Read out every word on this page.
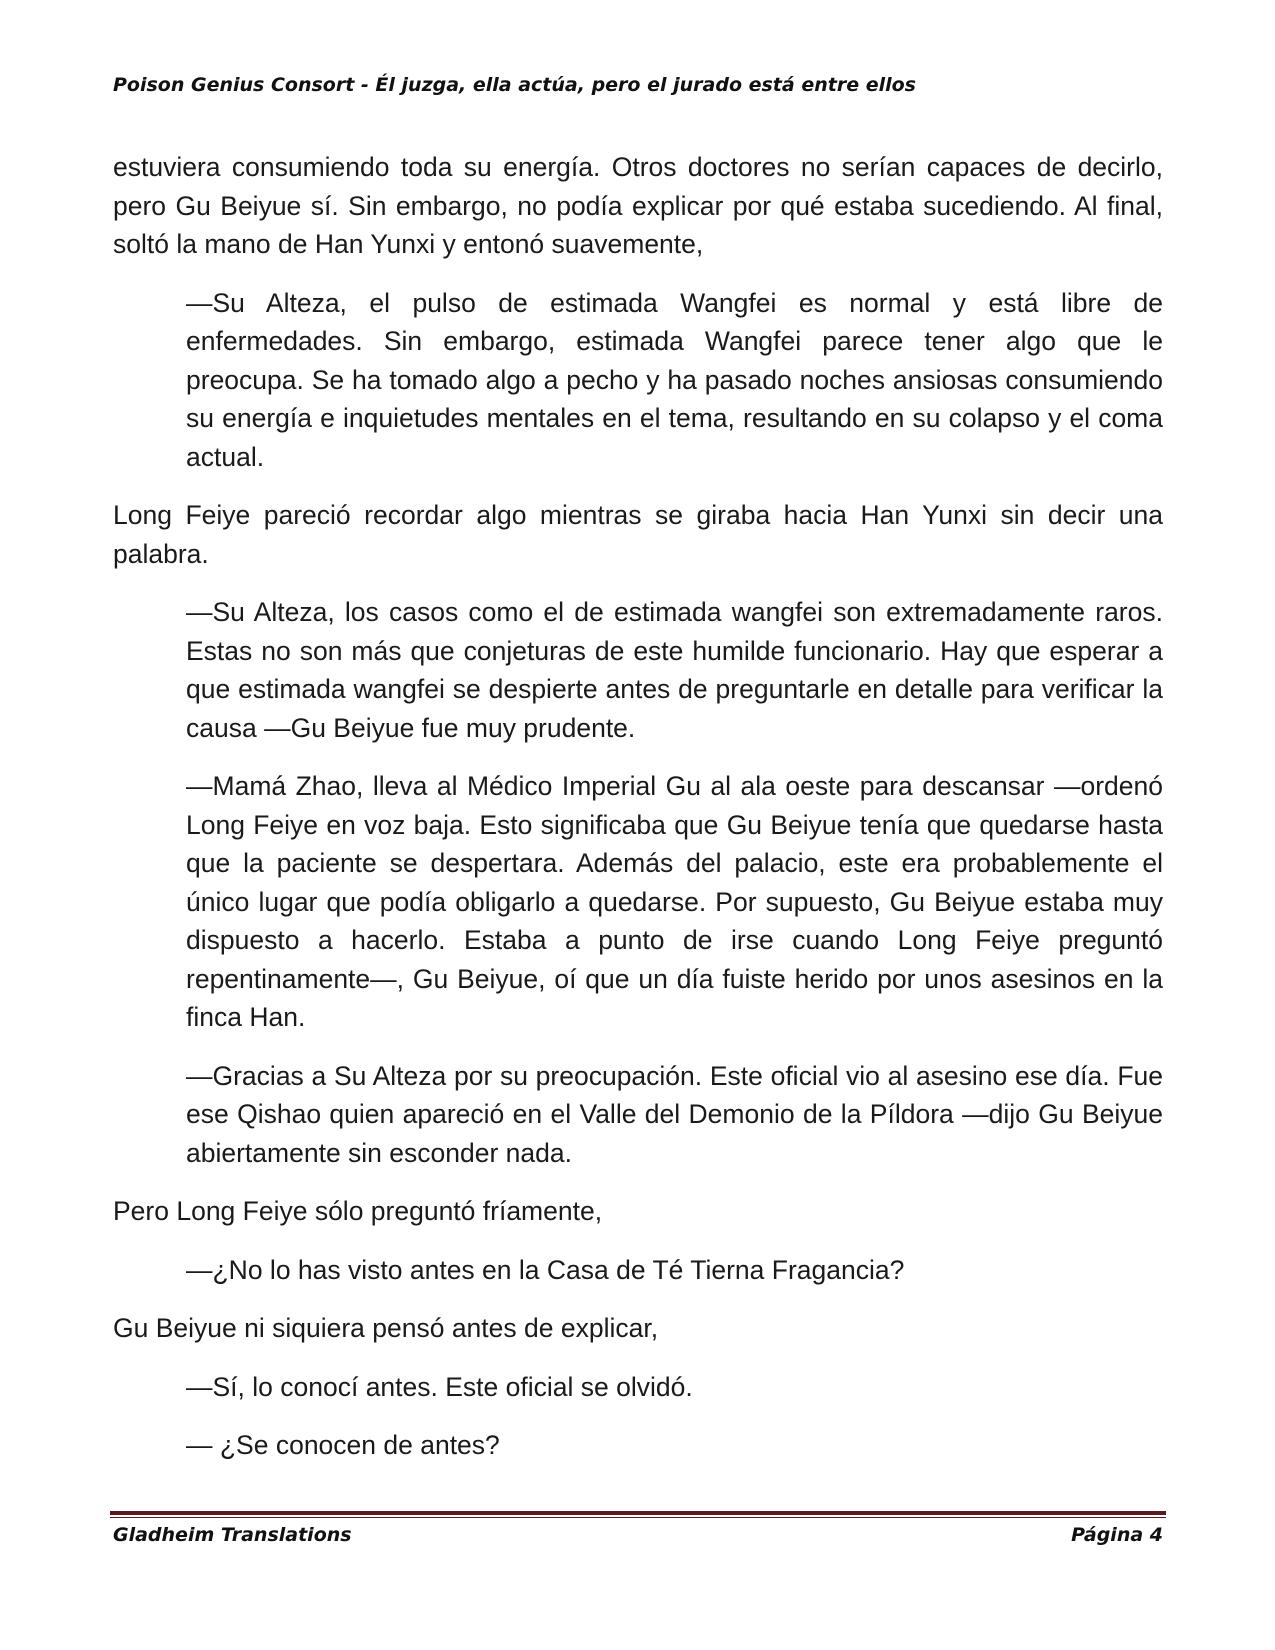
Poison Genius Consort - Él juzga, ella actúa, pero el jurado está entre ellos

estuviera consumiendo toda su energía. Otros doctores no serían capaces de decirlo, pero Gu Beiyue sí. Sin embargo, no podía explicar por qué estaba sucediendo. Al final, soltó la mano de Han Yunxi y entonó suavemente,

—Su Alteza, el pulso de estimada Wangfei es normal y está libre de enfermedades. Sin embargo, estimada Wangfei parece tener algo que le preocupa. Se ha tomado algo a pecho y ha pasado noches ansiosas consumiendo su energía e inquietudes mentales en el tema, resultando en su colapso y el coma actual.

Long Feiye pareció recordar algo mientras se giraba hacia Han Yunxi sin decir una palabra.

—Su Alteza, los casos como el de estimada wangfei son extremadamente raros. Estas no son más que conjeturas de este humilde funcionario. Hay que esperar a que estimada wangfei se despierte antes de preguntarle en detalle para verificar la causa —Gu Beiyue fue muy prudente.

—Mamá Zhao, lleva al Médico Imperial Gu al ala oeste para descansar —ordenó Long Feiye en voz baja. Esto significaba que Gu Beiyue tenía que quedarse hasta que la paciente se despertara. Además del palacio, este era probablemente el único lugar que podía obligarlo a quedarse. Por supuesto, Gu Beiyue estaba muy dispuesto a hacerlo. Estaba a punto de irse cuando Long Feiye preguntó repentinamente—, Gu Beiyue, oí que un día fuiste herido por unos asesinos en la finca Han.

—Gracias a Su Alteza por su preocupación. Este oficial vio al asesino ese día. Fue ese Qishao quien apareció en el Valle del Demonio de la Píldora —dijo Gu Beiyue abiertamente sin esconder nada.

Pero Long Feiye sólo preguntó fríamente,

—¿No lo has visto antes en la Casa de Té Tierna Fragancia?

Gu Beiyue ni siquiera pensó antes de explicar,

—Sí, lo conocí antes. Este oficial se olvidó.

— ¿Se conocen de antes?

Gladheim Translations	Página 4
